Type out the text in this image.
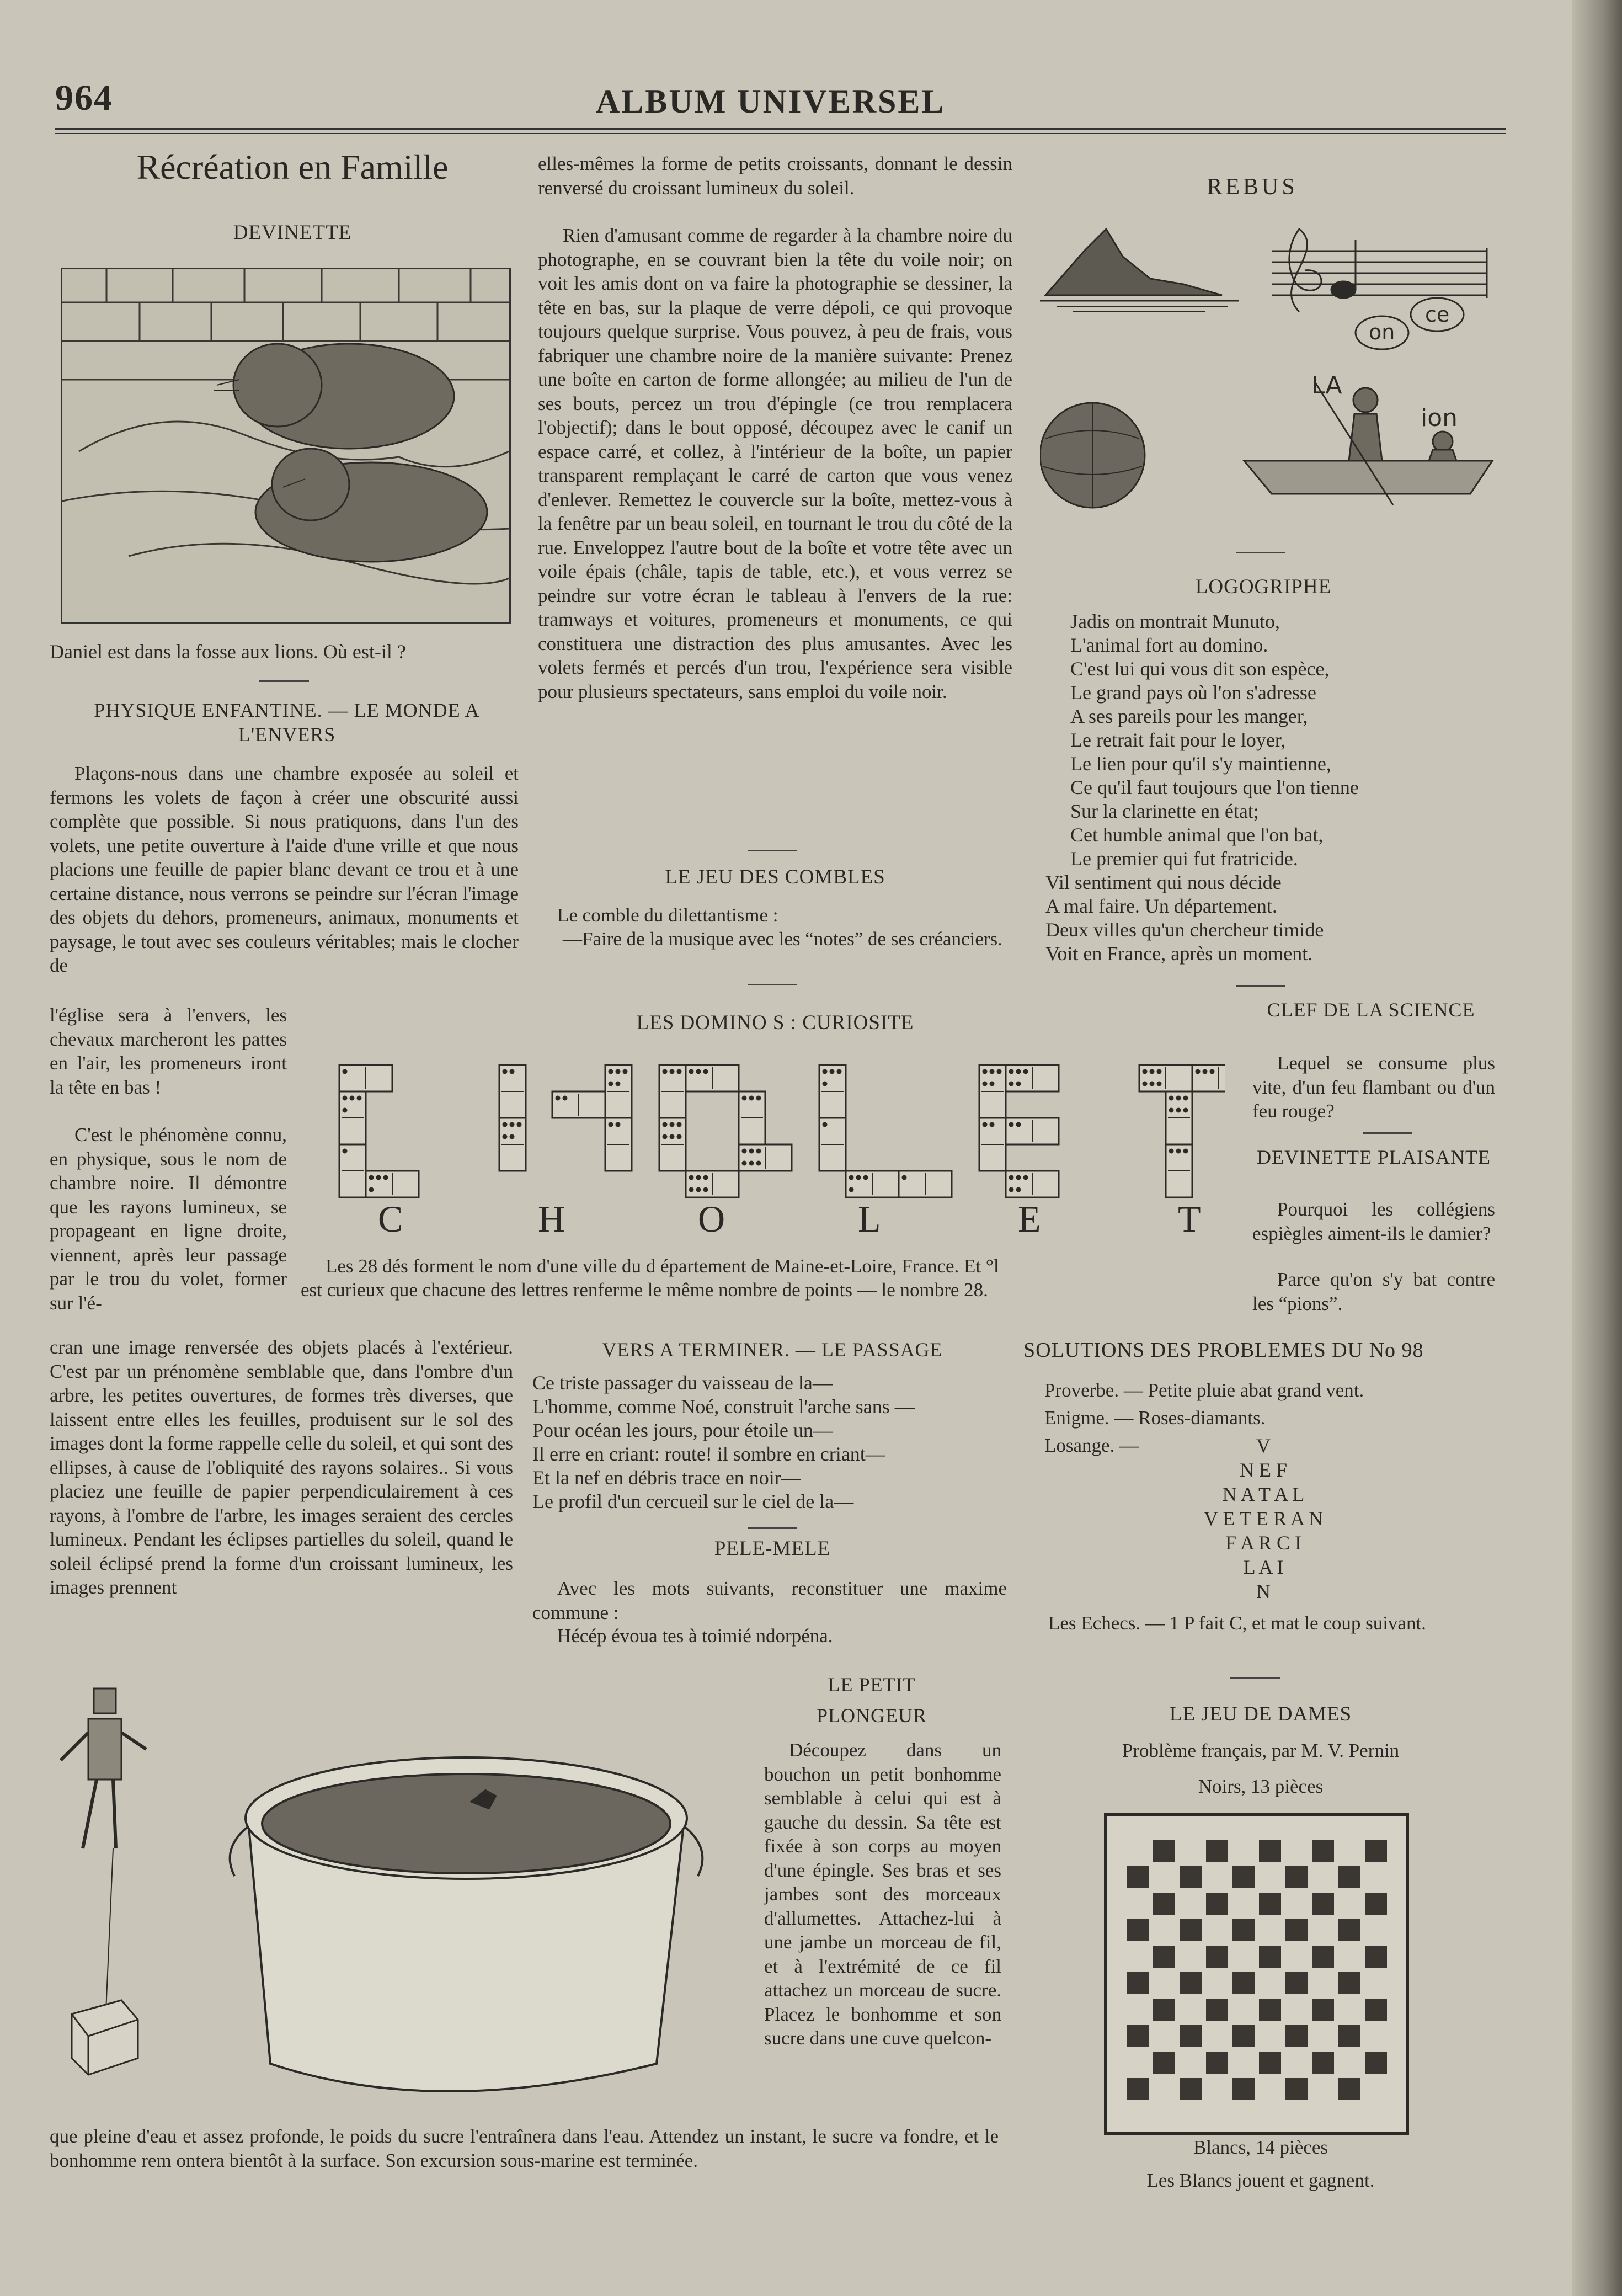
964	ALBUM UNIVERSEL
Récréation en Famille
DEVINETTE
Daniel est dans la fosse aux lions. Où est-il ?
PHYSIQUE ENFANTINE. — LE MONDE A L'ENVERS

Plaçons-nous dans une chambre exposée au soleil et fermons les volets de façon à créer une obscurité aussi complète que possible. Si nous pratiquons, dans l'un des volets, une petite ouverture à l'aide d'une vrille et que nous placions une feuille de papier blanc devant ce trou et à une certaine distance, nous verrons se peindre sur l'écran l'image des objets du dehors, promeneurs, animaux, monuments et paysage, le tout avec ses couleurs véritables; mais le clocher de

l'église sera à l'envers, les chevaux marcheront les pattes en l'air, les promeneurs iront la tête en bas !

C'est le phénomène connu, en physique, sous le nom de chambre noire. Il démontre que les rayons lumineux, se propageant en ligne droite, viennent, après leur passage par le trou du volet, former sur l'é-

cran une image renversée des objets placés à l'extérieur. C'est par un prénomène semblable que, dans l'ombre d'un arbre, les petites ouvertures, de formes très diverses, que laissent entre elles les feuilles, produisent sur le sol des images dont la forme rappelle celle du soleil, et qui sont des ellipses, à cause de l'obliquité des rayons solaires.. Si vous placiez une feuille de papier perpendiculairement à ces rayons, à l'ombre de l'arbre, les images seraient des cercles lumineux. Pendant les éclipses partielles du soleil, quand le soleil éclipsé prend la forme d'un croissant lumineux, les images prennent
elles-mêmes la forme de petits croissants, donnant le dessin renversé du croissant lumineux du soleil.

Rien d'amusant comme de regarder à la chambre noire du photographe, en se couvrant bien la tête du voile noir; on voit les amis dont on va faire la photographie se dessiner, la tête en bas, sur la plaque de verre dépoli, ce qui provoque toujours quelque surprise. Vous pouvez, à peu de frais, vous fabriquer une chambre noire de la manière suivante: Prenez une boîte en carton de forme allongée; au milieu de l'un de ses bouts, percez un trou d'épingle (ce trou remplacera l'objectif); dans le bout opposé, découpez avec le canif un espace carré, et collez, à l'intérieur de la boîte, un papier transparent remplaçant le carré de carton que vous venez d'enlever. Remettez le couvercle sur la boîte, mettez-vous à la fenêtre par un beau soleil, en tournant le trou du côté de la rue. Enveloppez l'autre bout de la boîte et votre tête avec un voile épais (châle, tapis de table, etc.), et vous verrez se peindre sur votre écran le tableau à l'envers de la rue: tramways et voitures, promeneurs et monuments, ce qui constituera une distraction des plus amusantes. Avec les volets fermés et percés d'un trou, l'expérience sera visible pour plusieurs spectateurs, sans emploi du voile noir.

LE JEU DES COMBLES
Le comble du dilettantisme :

—Faire de la musique avec les “notes” de ses créanciers.

REBUS
on
ce
LA
ion
LOGOGRIPHE
Jadis on montrait Munuto,
L'animal fort au domino.
C'est lui qui vous dit son espèce,
Le grand pays où l'on s'adresse
A ses pareils pour les manger,
Le retrait fait pour le loyer,
Le lien pour qu'il s'y maintienne,
Ce qu'il faut toujours que l'on tienne
Sur la clarinette en état;
Cet humble animal que l'on bat,
Le premier qui fut fratricide.
Vil sentiment qui nous décide
A mal faire. Un département.
Deux villes qu'un chercheur timide
Voit en France, après un moment.
LES DOMINO S : CURIOSITE
C	H	O	L	E	T
Les 28 dés forment le nom d'une ville du d épartement de Maine-et-Loire, France. Et °l
est curieux que chacune des lettres renferme le même nombre de points — le nombre 28.
CLEF DE LA SCIENCE

Lequel se consume plus vite, d'un feu flambant ou d'un feu rouge?

DEVINETTE PLAISANTE

Pourquoi les collégiens espiègles aiment-ils le damier?

Parce qu'on s'y bat contre les “pions”.

VERS A TERMINER. — LE PASSAGE
Ce triste passager du vaisseau de la—
L'homme, comme Noé, construit l'arche sans —
Pour océan les jours, pour étoile un—
Il erre en criant: route! il sombre en criant—
Et la nef en débris trace en noir—
Le profil d'un cercueil sur le ciel de la—
PELE-MELE

Avec les mots suivants, reconstituer une maxime commune :

Hécép évoua tes à toimié ndorpéna.

SOLUTIONS DES PROBLEMES DU No 98
Proverbe. — Petite pluie abat grand vent.
Enigme. — Roses-diamants.
Losange. —	V
N E F
N A T A L
V E T E R A N
F A R C I
L A I
N

Les Echecs. — 1 P fait C, et mat le coup suivant.

LE JEU DE DAMES
Problème français, par M. V. Pernin
Noirs, 13 pièces
Blancs, 14 pièces
Les Blancs jouent et gagnent.
LE PETIT PLONGEUR

Découpez dans un bouchon un petit bonhomme semblable à celui qui est à gauche du dessin. Sa tête est fixée à son corps au moyen d'une épingle. Ses bras et ses jambes sont des morceaux d'allumettes. Attachez-lui à une jambe un morceau de fil, et à l'extrémité de ce fil attachez un morceau de sucre. Placez le bonhomme et son sucre dans une cuve quelcon-

que pleine d'eau et assez profonde, le poids du sucre l'entraînera dans l'eau. Attendez un instant, le sucre va fondre, et le bonhomme rem ontera bientôt à la surface. Son excursion sous-marine est terminée.
